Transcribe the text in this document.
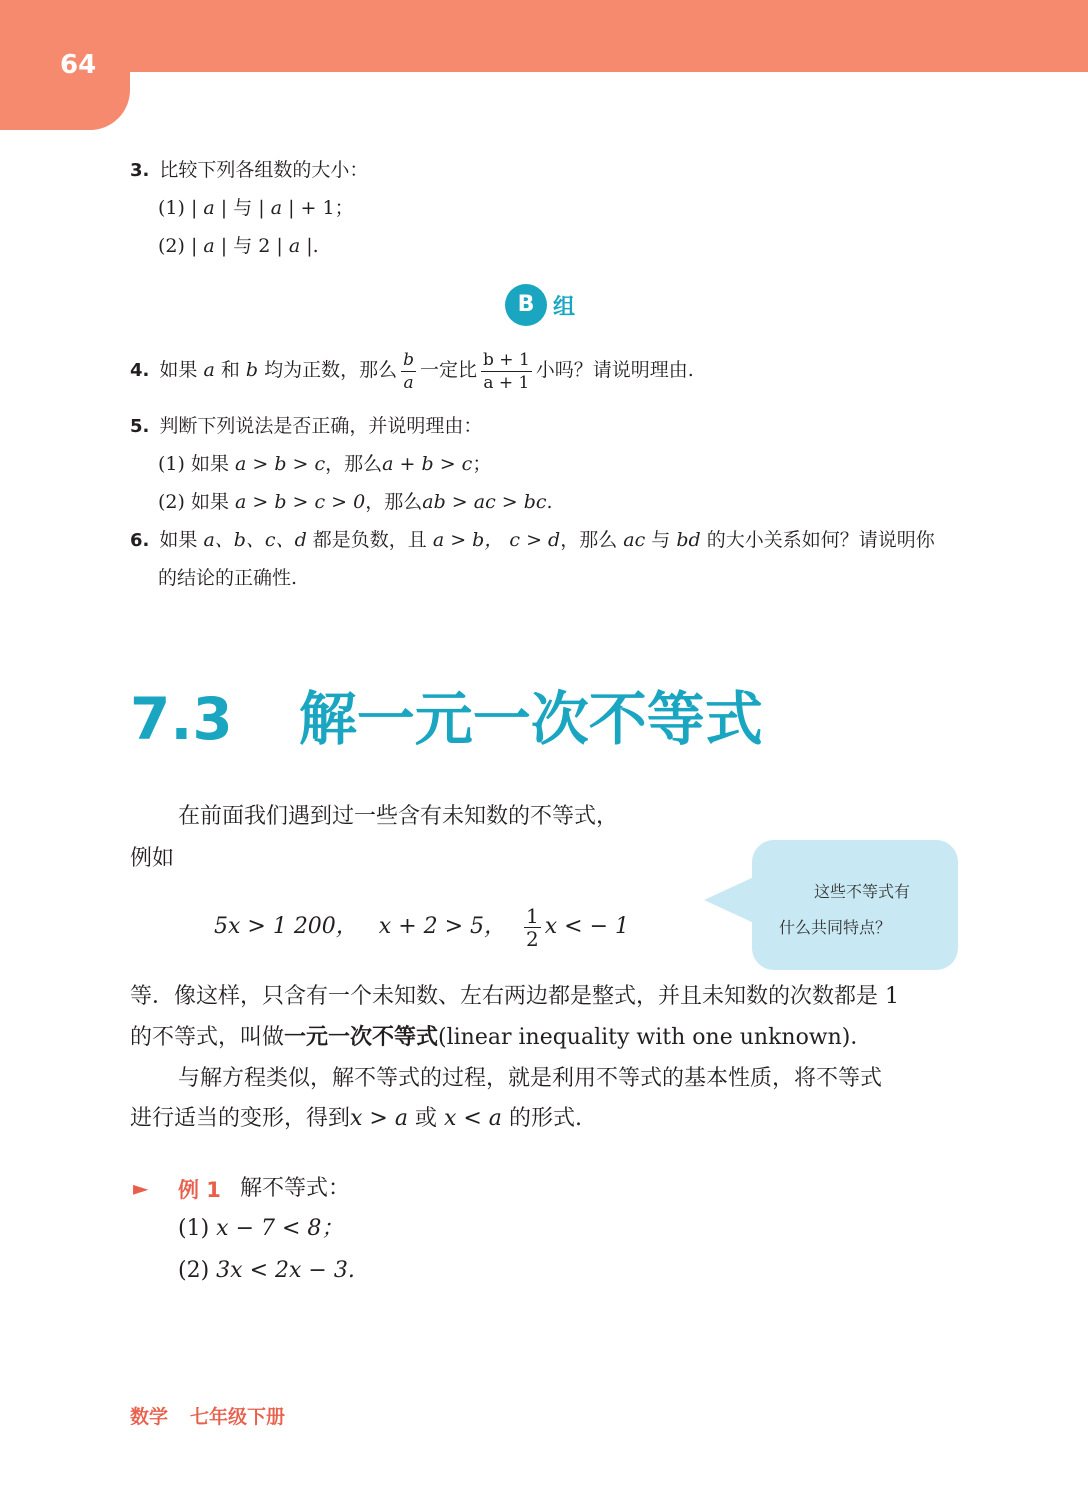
64
3. 比较下列各组数的大小：
(1) | a | 与 | a | + 1；
(2) | a | 与 2 | a |.
B 组
4. 如果 a 和 b 均为正数，那么 $\frac{b}{a}$ 一定比 $\frac{b + 1}{a + 1}$ 小吗？请说明理由.
5. 判断下列说法是否正确，并说明理由：
(1) 如果 a > b > c，那么a + b > c；
(2) 如果 a > b > c > 0，那么ab > ac > bc.
6. 如果 a、b、c、d 都是负数，且 a > b， c > d，那么 ac 与 bd 的大小关系如何？请说明你
的结论的正确性.
7.3 解一元一次不等式
在前面我们遇到过一些含有未知数的不等式，
例如
5x > 1 200， x + 2 > 5， $\frac{1}{2}$ x < − 1
这些不等式有
什么共同特点？
等．像这样，只含有一个未知数、左右两边都是整式，并且未知数的次数都是 1
的不等式，叫做一元一次不等式(linear inequality with one unknown)．
与解方程类似，解不等式的过程，就是利用不等式的基本性质，将不等式
进行适当的变形，得到x > a 或 x < a 的形式.
► 例 1 解不等式：
(1) x − 7 < 8；
(2) 3x < 2x − 3.
数学 七年级下册
